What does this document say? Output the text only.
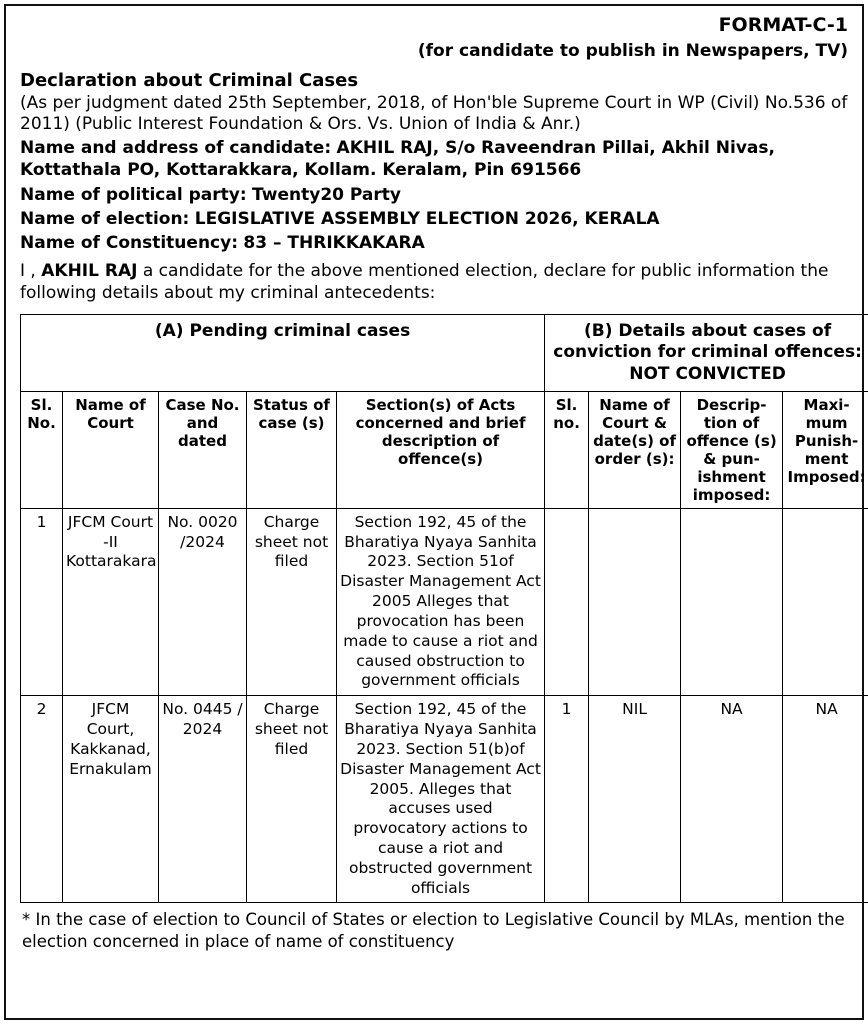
FORMAT-C-1
(for candidate to publish in Newspapers, TV)
Declaration about Criminal Cases
(As per judgment dated 25th September, 2018, of Hon'ble Supreme Court in WP (Civil) No.536 of 2011) (Public Interest Foundation & Ors. Vs. Union of India & Anr.)
Name and address of candidate: AKHIL RAJ, S/o Raveendran Pillai, Akhil Nivas, Kottathala PO, Kottarakkara, Kollam. Keralam, Pin 691566
Name of political party: Twenty20 Party
Name of election: LEGISLATIVE ASSEMBLY ELECTION 2026, KERALA
Name of Constituency: 83 – THRIKKAKARA
I , AKHIL RAJ a candidate for the above mentioned election, declare for public information the following details about my criminal antecedents:
(A) Pending criminal cases					(B) Details about cases of
conviction for criminal offences:
NOT CONVICTED			

Sl. No.	Name of Court	Case No. and dated	Status of case (s)	Section(s) of Acts concerned and brief description of offence(s)	Sl. no.	Name of Court & date(s) of order (s):	Descrip- tion of offence (s) & pun- ishment imposed:	Maxi- mum Punish- ment Imposed:
1	JFCM Court -II Kottarakara	No. 0020 /2024	Charge sheet not filed	Section 192, 45 of the Bharatiya Nyaya Sanhita 2023. Section 51of Disaster Management Act 2005 Alleges that provocation has been made to cause a riot and caused obstruction to government officials				
2	JFCM Court, Kakkanad, Ernakulam	No. 0445 / 2024	Charge sheet not filed	Section 192, 45 of the Bharatiya Nyaya Sanhita 2023. Section 51(b)of Disaster Management Act 2005. Alleges that accuses used provocatory actions to cause a riot and obstructed government officials	1	NIL	NA	NA
* In the case of election to Council of States or election to Legislative Council by MLAs, mention the election concerned in place of name of constituency
